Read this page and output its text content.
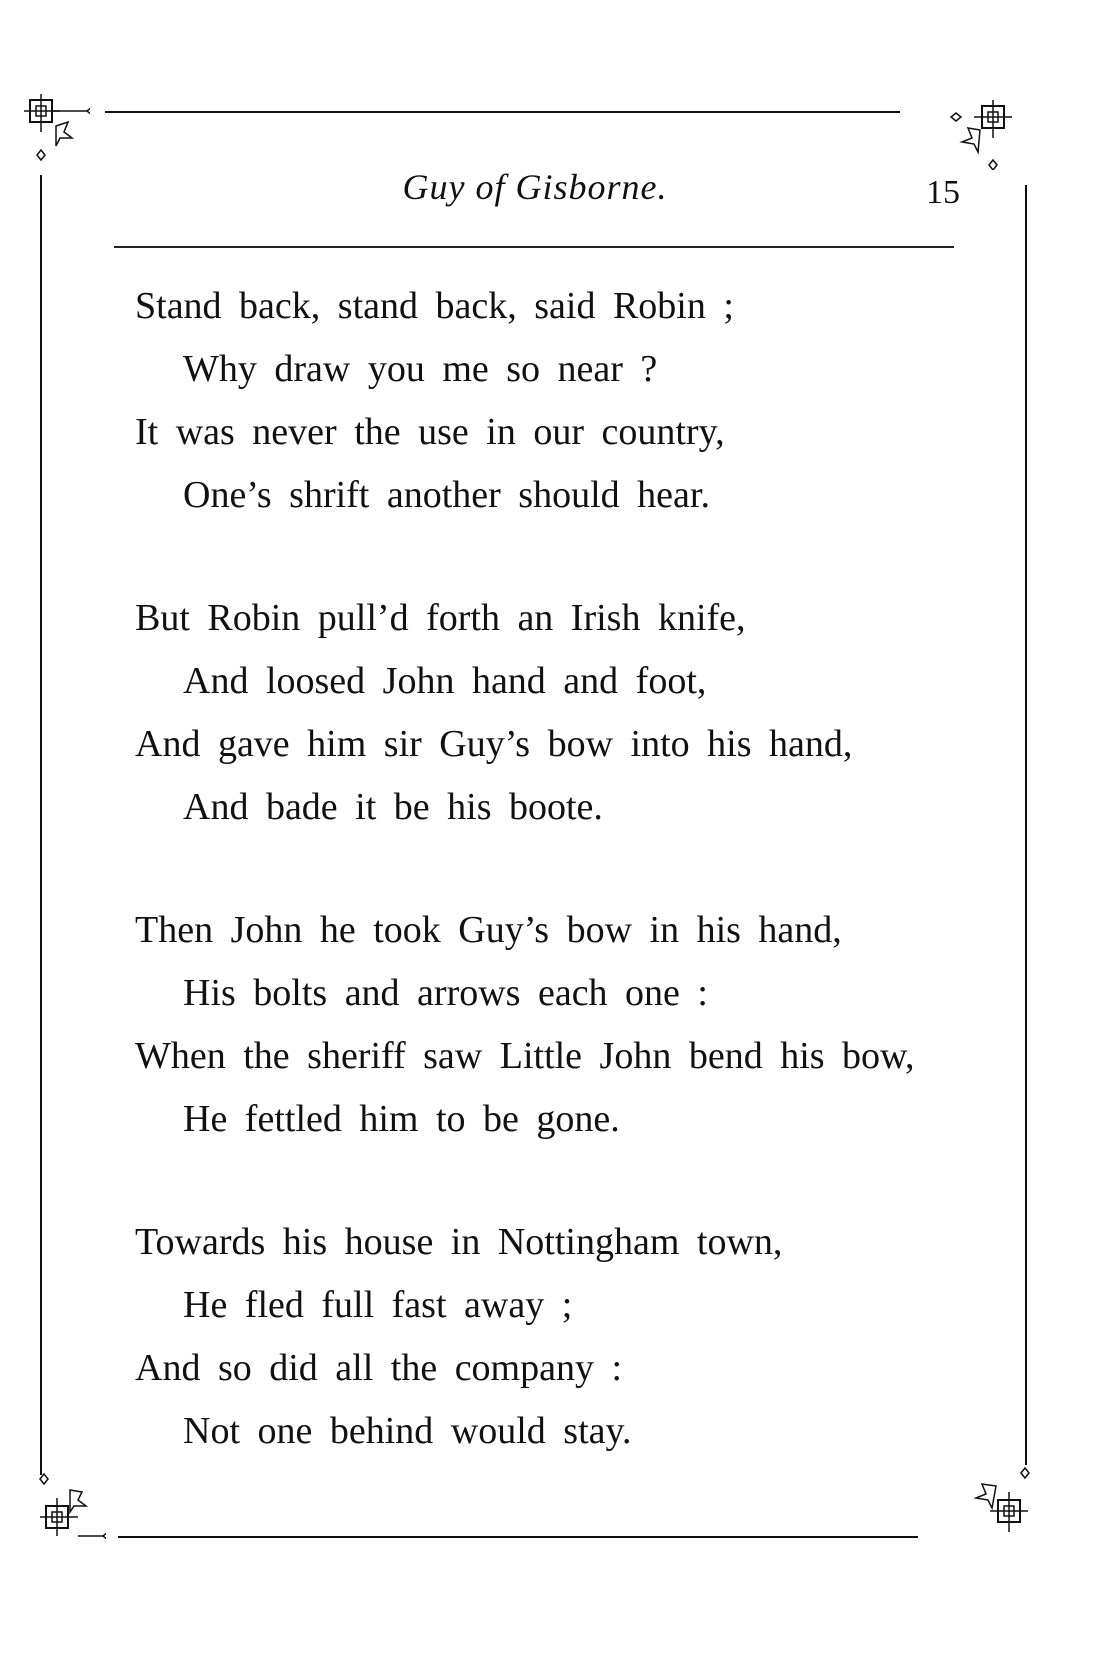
Guy of Gisborne.	15
Stand back, stand back, said Robin ;
Why draw you me so near ?
It was never the use in our country,
One’s shrift another should hear.
But Robin pull’d forth an Irish knife,
And loosed John hand and foot,
And gave him sir Guy’s bow into his hand,
And bade it be his boote.
Then John he took Guy’s bow in his hand,
His bolts and arrows each one :
When the sheriff saw Little John bend his bow,
He fettled him to be gone.
Towards his house in Nottingham town,
He fled full fast away ;
And so did all the company :
Not one behind would stay.
